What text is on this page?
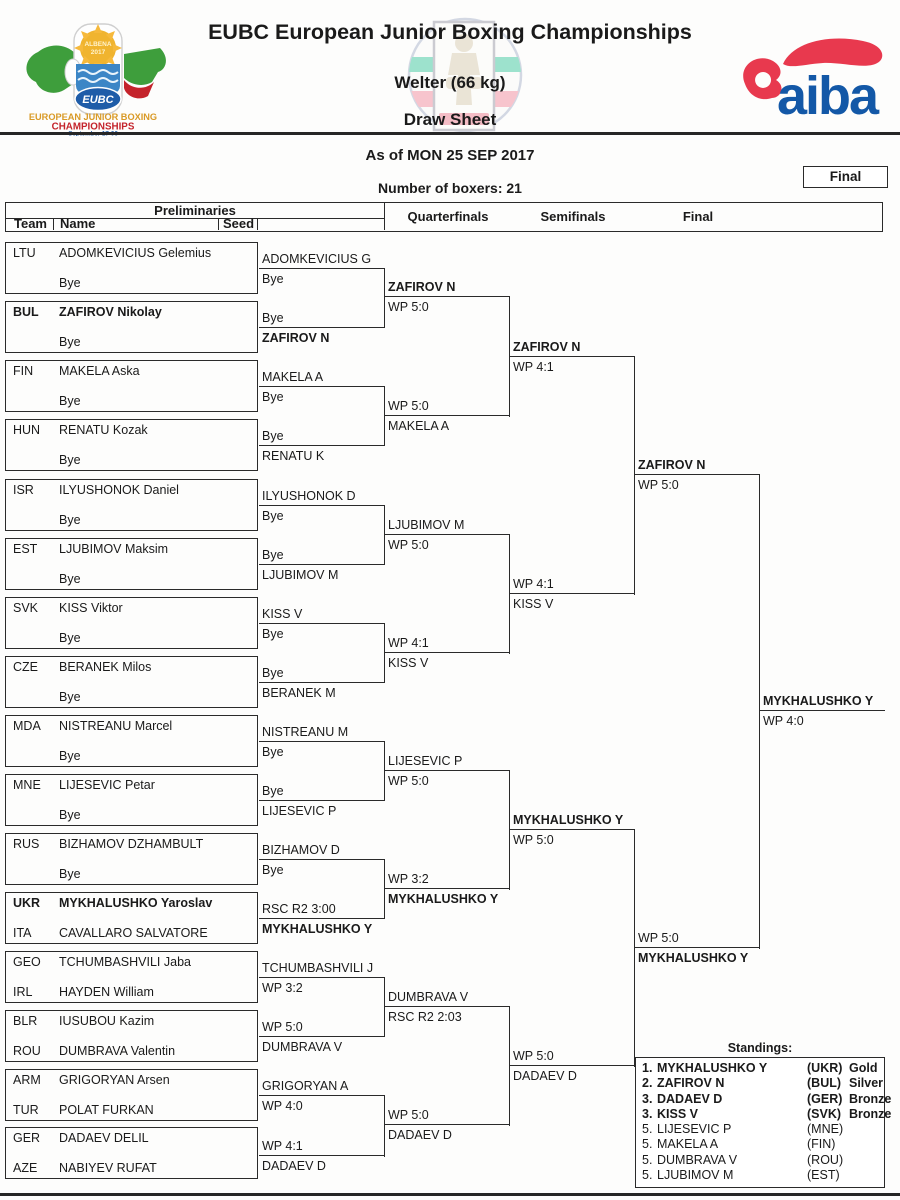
ALBENA
2017
EUBC
EUROPEAN JUNIOR BOXING
CHAMPIONSHIPS
aiba
EUBC European Junior Boxing Championships
Welter (66 kg)
Draw Sheet
As of MON 25 SEP 2017
Number of boxers: 21
Final
Preliminaries
Team Name	Seed	Quarterfinals	Semifinals	Final
LTU	ADOMKEVICIUS Gelemius
Bye
BUL	ZAFIROV Nikolay
Bye
FIN	MAKELA Aska
Bye
HUN	RENATU Kozak
Bye
ISR	ILYUSHONOK Daniel
Bye
EST	LJUBIMOV Maksim
Bye
SVK	KISS Viktor
Bye
CZE	BERANEK Milos
Bye
MDA	NISTREANU Marcel
Bye
MNE	LIJESEVIC Petar
Bye
RUS	BIZHAMOV DZHAMBULT
Bye
UKR	MYKHALUSHKO Yaroslav
ITA	CAVALLARO SALVATORE
GEO	TCHUMBASHVILI Jaba
IRL	HAYDEN William
BLR	IUSUBOU Kazim
ROU	DUMBRAVA Valentin
ARM	GRIGORYAN Arsen
TUR	POLAT FURKAN
GER	DADAEV DELIL
AZE	NABIYEV RUFAT
ADOMKEVICIUS G
Bye
Bye
ZAFIROV N
MAKELA A
Bye
Bye
RENATU K
ILYUSHONOK D
Bye
Bye
LJUBIMOV M
KISS V
Bye
Bye
BERANEK M
NISTREANU M
Bye
Bye
LIJESEVIC P
BIZHAMOV D
Bye
RSC R2 3:00
MYKHALUSHKO Y
TCHUMBASHVILI J
WP 3:2
WP 5:0
DUMBRAVA V
GRIGORYAN A
WP 4:0
WP 4:1
DADAEV D
ZAFIROV N
WP 5:0
WP 5:0
MAKELA A
LJUBIMOV M
WP 5:0
WP 4:1
KISS V
LIJESEVIC P
WP 5:0
WP 3:2
MYKHALUSHKO Y
DUMBRAVA V
RSC R2 2:03
WP 5:0
DADAEV D
ZAFIROV N
WP 4:1
WP 4:1
KISS V
MYKHALUSHKO Y
WP 5:0
WP 5:0
DADAEV D
ZAFIROV N
WP 5:0
WP 5:0
MYKHALUSHKO Y
MYKHALUSHKO Y
WP 4:0
Standings:
1. MYKHALUSHKO Y	(UKR) Gold
2. ZAFIROV N	(BUL) Silver
3. DADAEV D	(GER) Bronze
3. KISS V	(SVK) Bronze
5. LIJESEVIC P	(MNE)
5. MAKELA A	(FIN)
5. DUMBRAVA V	(ROU)
5. LJUBIMOV M	(EST)
